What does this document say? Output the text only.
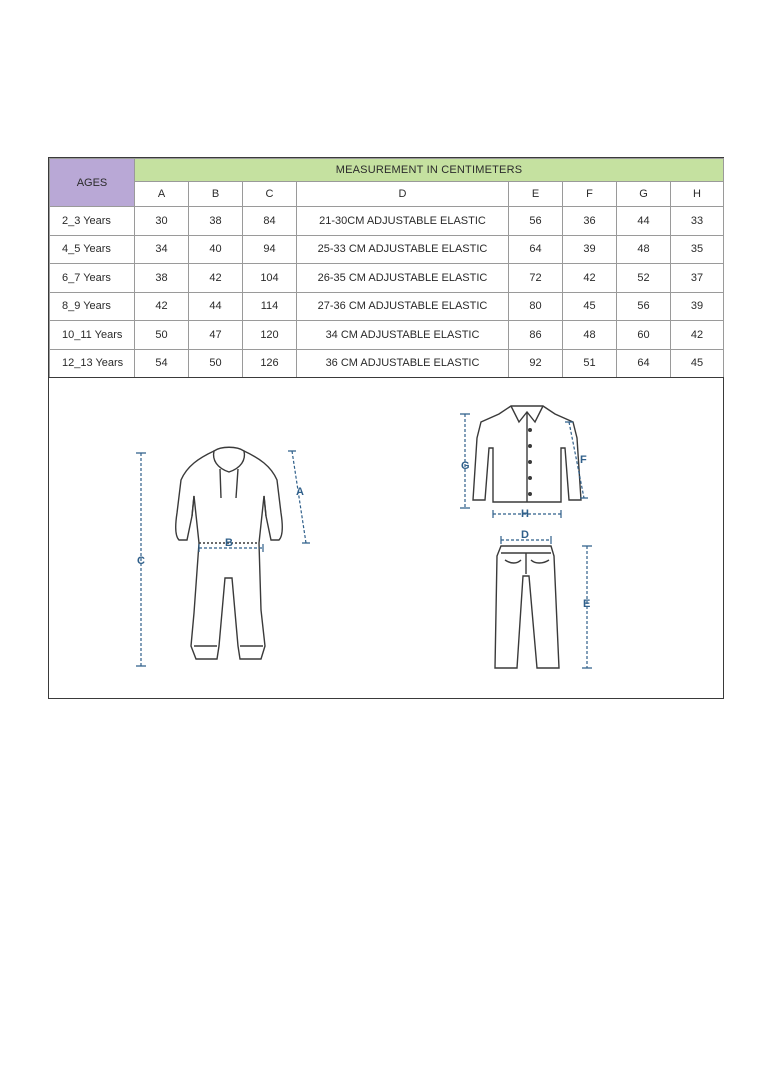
AGES	MEASUREMENT IN CENTIMETERS							
	A	B	C	D	E	F	G	H
2_3 Years	30	38	84	21-30CM ADJUSTABLE ELASTIC	56	36	44	33
4_5 Years	34	40	94	25-33 CM ADJUSTABLE ELASTIC	64	39	48	35
6_7 Years	38	42	104	26-35 CM ADJUSTABLE ELASTIC	72	42	52	37
8_9 Years	42	44	114	27-36 CM ADJUSTABLE ELASTIC	80	45	56	39
10_11 Years	50	47	120	34 CM ADJUSTABLE ELASTIC	86	48	60	42
12_13 Years	54	50	126	36 CM ADJUSTABLE ELASTIC	92	51	64	45
A
B
C
G	F
H
D
E
